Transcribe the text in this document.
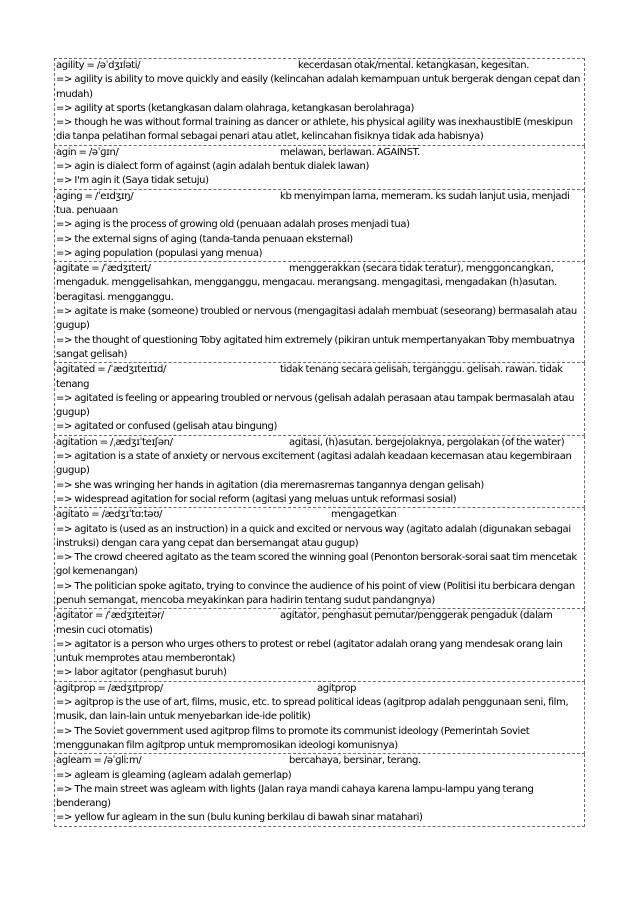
agility = /əˈdʒɪləti/	kecerdasan otak/mental. ketangkasan, kegesitan.
=> agility is ability to move quickly and easily (kelincahan adalah kemampuan untuk bergerak dengan cepat dan mudah)
=> agility at sports (ketangkasan dalam olahraga, ketangkasan berolahraga)
=> though he was without formal training as dancer or athlete, his physical agility was inexhaustiblE (meskipun dia tanpa pelatihan formal sebagai penari atau atlet, kelincahan fisiknya tidak ada habisnya)
agin = /əˈɡɪn/	melawan, berlawan. AGAINST.
=> agin is dialect form of against (agin adalah bentuk dialek lawan)
=> I'm agin it (Saya tidak setuju)
aging = /ˈeɪdʒɪŋ/	kb menyimpan lama, memeram. ks sudah lanjut usia, menjadi tua. penuaan
=> aging is the process of growing old (penuaan adalah proses menjadi tua)
=> the external signs of aging (tanda-tanda penuaan eksternal)
=> aging population (populasi yang menua)
agitate = /ˈædʒɪteɪt/	menggerakkan (secara tidak teratur), menggoncangkan, mengaduk. menggelisahkan, mengganggu, mengacau. merangsang. mengagitasi, mengadakan (h)asutan. beragitasi. mengganggu.
=> agitate is make (someone) troubled or nervous (mengagitasi adalah membuat (seseorang) bermasalah atau gugup)
=> the thought of questioning Toby agitated him extremely (pikiran untuk mempertanyakan Toby membuatnya
sangat gelisah)
agitated = /ˈædʒɪteɪtɪd/	tidak tenang secara gelisah, terganggu. gelisah. rawan. tidak tenang
=> agitated is feeling or appearing troubled or nervous (gelisah adalah perasaan atau tampak bermasalah atau gugup)
=> agitated or confused (gelisah atau bingung)
agitation = /ˌædʒɪˈteɪʃən/	agitasi, (h)asutan. bergejolaknya, pergolakan (of the water)
=> agitation is a state of anxiety or nervous excitement (agitasi adalah keadaan kecemasan atau kegembiraan gugup)
=> she was wringing her hands in agitation (dia meremasremas tangannya dengan gelisah)
=> widespread agitation for social reform (agitasi yang meluas untuk reformasi sosial)
agitato = /ædʒɪˈtɑːtəʊ/	mengagetkan
=> agitato is (used as an instruction) in a quick and excited or nervous way (agitato adalah (digunakan sebagai instruksi) dengan cara yang cepat dan bersemangat atau gugup)
=> The crowd cheered agitato as the team scored the winning goal (Penonton bersorak-sorai saat tim mencetak gol kemenangan)
=> The politician spoke agitato, trying to convince the audience of his point of view (Politisi itu berbicara dengan penuh semangat, mencoba meyakinkan para hadirin tentang sudut pandangnya)
agitator = /ˈædʒɪteɪtər/	agitator, penghasut pemutar/penggerak pengaduk (dalam mesin cuci otomatis)
=> agitator is a person who urges others to protest or rebel (agitator adalah orang yang mendesak orang lain untuk memprotes atau memberontak)
=> labor agitator (penghasut buruh)
agitprop = /ædʒɪtprop/	agitprop
=> agitprop is the use of art, films, music, etc. to spread political ideas (agitprop adalah penggunaan seni, film, musik, dan lain-lain untuk menyebarkan ide-ide politik)
=> The Soviet government used agitprop films to promote its communist ideology (Pemerintah Soviet menggunakan film agitprop untuk mempromosikan ideologi komunisnya)
agleam = /əˈɡliːm/	bercahaya, bersinar, terang.
=> agleam is gleaming (agleam adalah gemerlap)
=> The main street was agleam with lights (Jalan raya mandi cahaya karena lampu-lampu yang terang benderang)
=> yellow fur agleam in the sun (bulu kuning berkilau di bawah sinar matahari)
